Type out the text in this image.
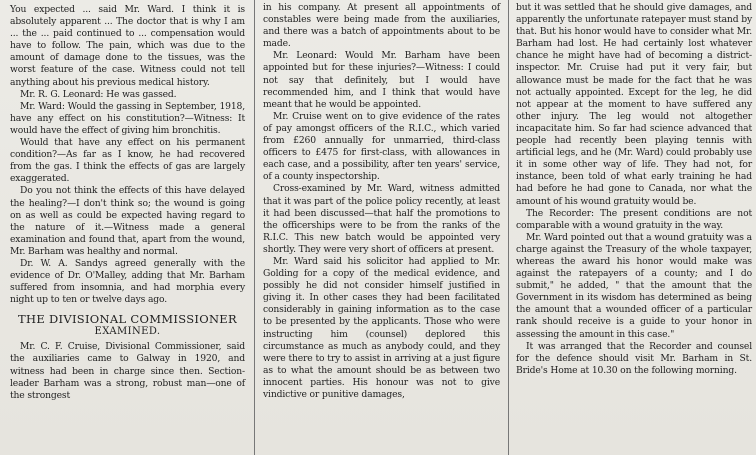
You expected ... said Mr. Ward. I think it is absolutely apparent ... The doctor that is why I am ... the ... paid continued to ... compensation would have to follow. The pain, which was due to the amount of damage done to the tissues, was the worst feature of the case. Witness could not tell anything about his previous medical history.

Mr. R. G. Leonard: He was gassed.

Mr. Ward: Would the gassing in September, 1918, have any effect on his constitution?—Witness: It would have the effect of giving him bronchitis.

Would that have any effect on his permanent condition?—As far as I know, he had recovered from the gas. I think the effects of gas are largely exaggerated.

Do you not think the effects of this have delayed the healing?—I don't think so; the wound is going on as well as could be expected having regard to the nature of it.—Witness made a general examination and found that, apart from the wound, Mr. Barham was healthy and normal.

Dr. W. A. Sandys agreed generally with the evidence of Dr. O'Malley, adding that Mr. Barham suffered from insomnia, and had morphia every night up to ten or twelve days ago.

THE DIVISIONAL COMMISSIONER
EXAMINED.

Mr. C. F. Cruise, Divisional Commissioner, said the auxiliaries came to Galway in 1920, and witness had been in charge since then. Section-leader Barham was a strong, robust man—one of the strongest

in his company. At present all appointments of constables were being made from the auxiliaries, and there was a batch of appointments about to be made.

Mr. Leonard: Would Mr. Barham have been appointed but for these injuries?—Witness: I could not say that definitely, but I would have recommended him, and I think that would have meant that he would be appointed.

Mr. Cruise went on to give evidence of the rates of pay amongst officers of the R.I.C., which varied from £260 annually for unmarried, third-class officers to £475 for first-class, with allowances in each case, and a possibility, after ten years' service, of a county inspectorship.

Cross-examined by Mr. Ward, witness admitted that it was part of the police policy recently, at least it had been discussed—that half the promotions to the officerships were to be from the ranks of the R.I.C. This new batch would be appointed very shortly. They were very short of officers at present.

Mr. Ward said his solicitor had applied to Mr. Golding for a copy of the medical evidence, and possibly he did not consider himself justified in giving it. In other cases they had been facilitated considerably in gaining information as to the case to be presented by the applicants. Those who were instructing him (counsel) deplored this circumstance as much as anybody could, and they were there to try to assist in arriving at a just figure as to what the amount should be as between two innocent parties. His honour was not to give vindictive or punitive damages,

but it was settled that he should give damages, and apparently the unfortunate ratepayer must stand by that. But his honor would have to consider what Mr. Barham had lost. He had certainly lost whatever chance he might have had of becoming a district-inspector. Mr. Cruise had put it very fair, but allowance must be made for the fact that he was not actually appointed. Except for the leg, he did not appear at the moment to have suffered any other injury. The leg would not altogether incapacitate him. So far had science advanced that people had recently been playing tennis with artificial legs, and he (Mr. Ward) could probably use it in some other way of life. They had not, for instance, been told of what early training he had had before he had gone to Canada, nor what the amount of his wound gratuity would be.

The Recorder: The present conditions are not comparable with a wound gratuity in the way.

Mr. Ward pointed out that a wound gratuity was a charge against the Treasury of the whole taxpayer, whereas the award his honor would make was against the ratepayers of a county; and I do submit," he added, " that the amount that the Government in its wisdom has determined as being the amount that a wounded officer of a particular rank should receive is a guide to your honor in assessing the amount in this case."

It was arranged that the Recorder and counsel for the defence should visit Mr. Barham in St. Bride's Home at 10.30 on the following morning.
